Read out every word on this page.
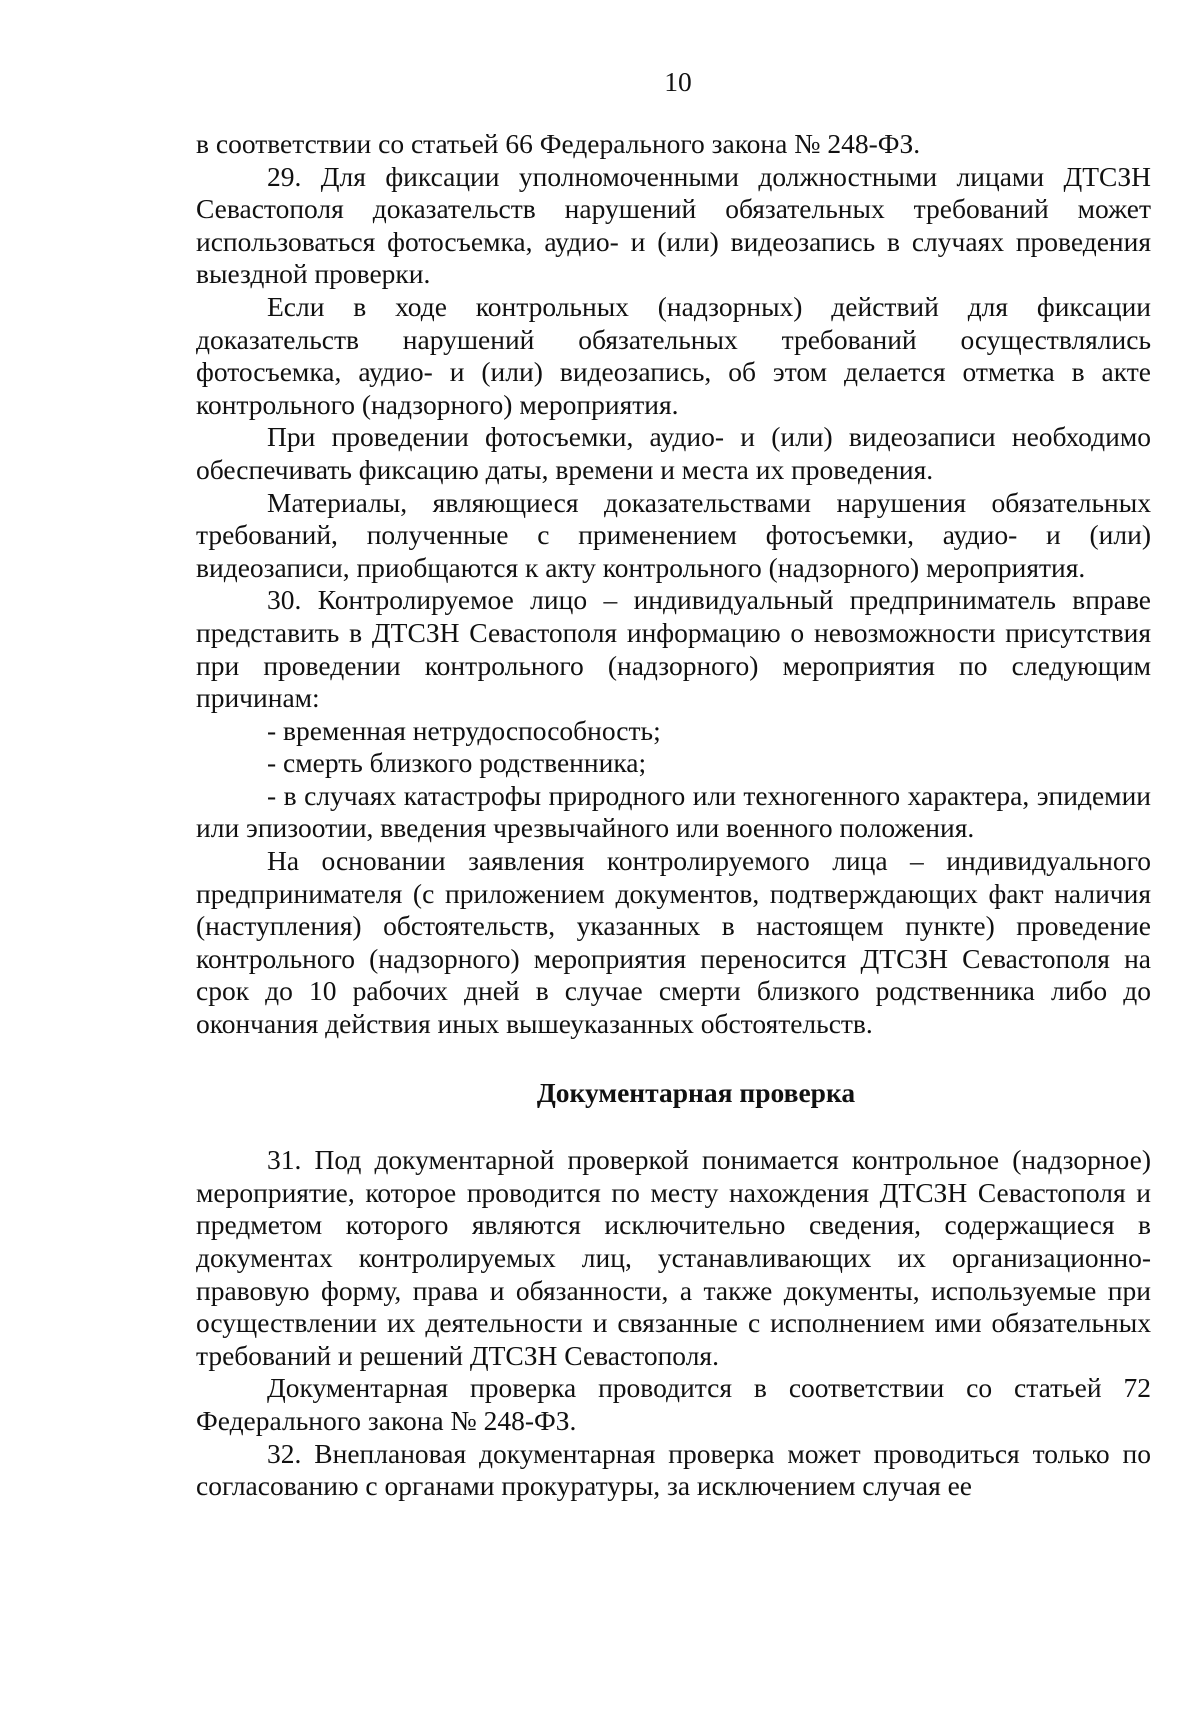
10

в соответствии со статьей 66 Федерального закона № 248-ФЗ.

29. Для фиксации уполномоченными должностными лицами ДТСЗН Севастополя доказательств нарушений обязательных требований может использоваться фотосъемка, аудио- и (или) видеозапись в случаях проведения выездной проверки.

Если в ходе контрольных (надзорных) действий для фиксации доказательств нарушений обязательных требований осуществлялись фотосъемка, аудио- и (или) видеозапись, об этом делается отметка в акте контрольного (надзорного) мероприятия.

При проведении фотосъемки, аудио- и (или) видеозаписи необходимо обеспечивать фиксацию даты, времени и места их проведения.

Материалы, являющиеся доказательствами нарушения обязательных требований, полученные с применением фотосъемки, аудио- и (или) видеозаписи, приобщаются к акту контрольного (надзорного) мероприятия.

30. Контролируемое лицо – индивидуальный предприниматель вправе представить в ДТСЗН Севастополя информацию о невозможности присутствия при проведении контрольного (надзорного) мероприятия по следующим причинам:

- временная нетрудоспособность;

- смерть близкого родственника;

- в случаях катастрофы природного или техногенного характера, эпидемии или эпизоотии, введения чрезвычайного или военного положения.

На основании заявления контролируемого лица – индивидуального предпринимателя (с приложением документов, подтверждающих факт наличия (наступления) обстоятельств, указанных в настоящем пункте) проведение контрольного (надзорного) мероприятия переносится ДТСЗН Севастополя на срок до 10 рабочих дней в случае смерти близкого родственника либо до окончания действия иных вышеуказанных обстоятельств.

Документарная проверка

31. Под документарной проверкой понимается контрольное (надзорное) мероприятие, которое проводится по месту нахождения ДТСЗН Севастополя и предметом которого являются исключительно сведения, содержащиеся в документах контролируемых лиц, устанавливающих их организационно-правовую форму, права и обязанности, а также документы, используемые при осуществлении их деятельности и связанные с исполнением ими обязательных требований и решений ДТСЗН Севастополя.

Документарная проверка проводится в соответствии со статьей 72 Федерального закона № 248-ФЗ.

32. Внеплановая документарная проверка может проводиться только по согласованию с органами прокуратуры, за исключением случая ее
